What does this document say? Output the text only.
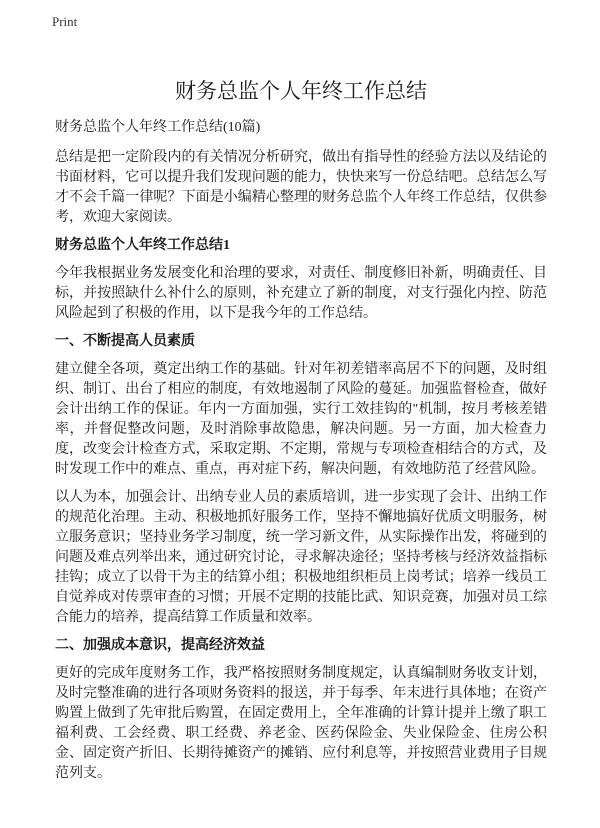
Print
财务总监个人年终工作总结
财务总监个人年终工作总结(10篇)

总结是把一定阶段内的有关情况分析研究，做出有指导性的经验方法以及结论的书面材料，它可以提升我们发现问题的能力，快快来写一份总结吧。总结怎么写才不会千篇一律呢？下面是小编精心整理的财务总监个人年终工作总结，仅供参考，欢迎大家阅读。

财务总监个人年终工作总结1

今年我根据业务发展变化和治理的要求，对责任、制度修旧补新，明确责任、目标，并按照缺什么补什么的原则，补充建立了新的制度，对支行强化内控、防范风险起到了积极的作用，以下是我今年的工作总结。

一、不断提高人员素质

建立健全各项，奠定出纳工作的基础。针对年初差错率高居不下的问题，及时组织、制订、出台了相应的制度，有效地遏制了风险的蔓延。加强监督检查，做好会计出纳工作的保证。年内一方面加强，实行工效挂钩的"机制，按月考核差错率，并督促整改问题，及时消除事故隐患，解决问题。另一方面，加大检查力度，改变会计检查方式，采取定期、不定期，常规与专项检查相结合的方式，及时发现工作中的难点、重点，再对症下药，解决问题，有效地防范了经营风险。

以人为本，加强会计、出纳专业人员的素质培训，进一步实现了会计、出纳工作的规范化治理。主动、积极地抓好服务工作，坚持不懈地搞好优质文明服务，树立服务意识；坚持业务学习制度，统一学习新文件，从实际操作出发，将碰到的问题及难点列举出来，通过研究讨论，寻求解决途径；坚持考核与经济效益指标挂钩；成立了以骨干为主的结算小组；积极地组织柜员上岗考试；培养一线员工自觉养成对传票审查的习惯；开展不定期的技能比武、知识竞赛，加强对员工综合能力的培养，提高结算工作质量和效率。

二、加强成本意识，提高经济效益

更好的完成年度财务工作，我严格按照财务制度规定，认真编制财务收支计划，及时完整准确的进行各项财务资料的报送，并于每季、年末进行具体地；在资产购置上做到了先审批后购置，在固定费用上，全年准确的计算计提并上缴了职工福利费、工会经费、职工经费、养老金、医药保险金、失业保险金、住房公积金、固定资产折旧、长期待摊资产的摊销、应付利息等，并按照营业费用子目规范列支。
